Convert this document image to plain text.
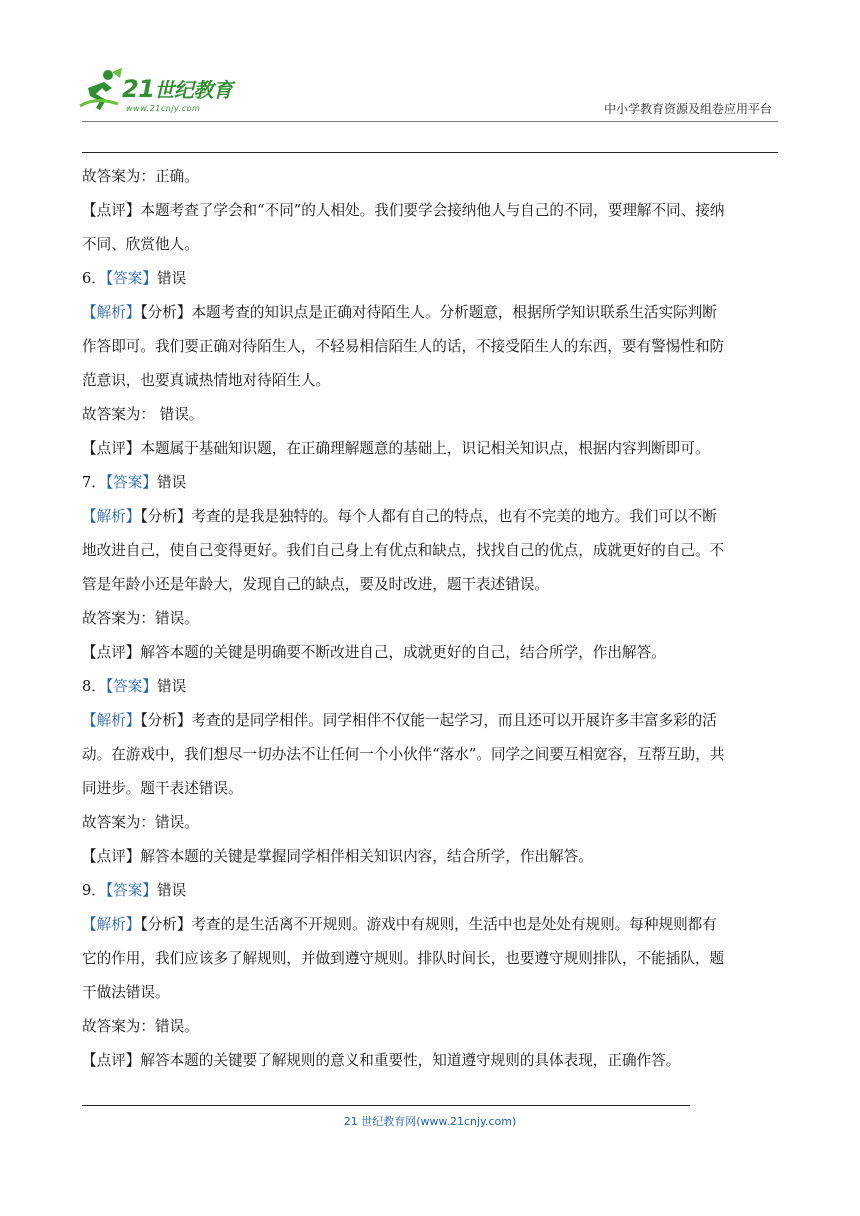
21世纪教育
www.21cnjy.com	中小学教育资源及组卷应用平台
故答案为：正确。
【点评】本题考查了学会和“不同”的人相处。我们要学会接纳他人与自己的不同，要理解不同、接纳
不同、欣赏他人。
6．【答案】错误
【解析】【分析】本题考查的知识点是正确对待陌生人。分析题意，根据所学知识联系生活实际判断
作答即可。我们要正确对待陌生人，不轻易相信陌生人的话，不接受陌生人的东西，要有警惕性和防
范意识，也要真诚热情地对待陌生人。
故答案为： 错误。
【点评】本题属于基础知识题，在正确理解题意的基础上，识记相关知识点，根据内容判断即可。
7．【答案】错误
【解析】【分析】考查的是我是独特的。每个人都有自己的特点，也有不完美的地方。我们可以不断
地改进自己，使自己变得更好。我们自己身上有优点和缺点，找找自己的优点，成就更好的自己。不
管是年龄小还是年龄大，发现自己的缺点，要及时改进，题干表述错误。
故答案为：错误。
【点评】解答本题的关键是明确要不断改进自己，成就更好的自己，结合所学，作出解答。
8．【答案】错误
【解析】【分析】考查的是同学相伴。同学相伴不仅能一起学习，而且还可以开展许多丰富多彩的活
动。在游戏中，我们想尽一切办法不让任何一个小伙伴“落水”。同学之间要互相宽容，互帮互助，共
同进步。题干表述错误。
故答案为：错误。
【点评】解答本题的关键是掌握同学相伴相关知识内容，结合所学，作出解答。
9．【答案】错误
【解析】【分析】考查的是生活离不开规则。游戏中有规则，生活中也是处处有规则。每种规则都有
它的作用，我们应该多了解规则，并做到遵守规则。排队时间长，也要遵守规则排队，不能插队，题
干做法错误。
故答案为：错误。
【点评】解答本题的关键要了解规则的意义和重要性，知道遵守规则的具体表现，正确作答。
21 世纪教育网(www.21cnjy.com)
